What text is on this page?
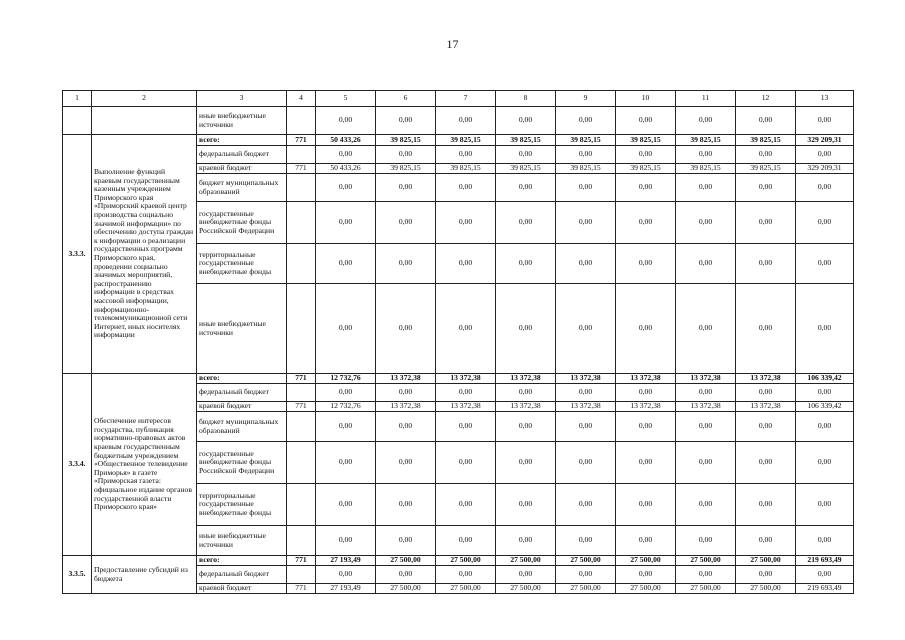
17
1	2	3	4	5	6	7	8	9	10	11	12	13
		иные внебюджетные источники		0,00	0,00	0,00	0,00	0,00	0,00	0,00	0,00	0,00
3.3.3.	Выполнение функций краевым государственным казенным учреждением Приморского края «Приморский краевой центр производства социально значимой информации» по обеспечению доступа граждан к информации о реализации государственных программ Приморского края, проведении социально значимых мероприятий, распространению информации в средствах массовой информации, информационно-телекоммуникационной сети Интернет, иных носителях информации	всего:	771	50 433,26	39 825,15	39 825,15	39 825,15	39 825,15	39 825,15	39 825,15	39 825,15	329 209,31
		федеральный бюджет		0,00	0,00	0,00	0,00	0,00	0,00	0,00	0,00	0,00
		краевой бюджет	771	50 433,26	39 825,15	39 825,15	39 825,15	39 825,15	39 825,15	39 825,15	39 825,15	329 209,31
		бюджет муниципальных образований		0,00	0,00	0,00	0,00	0,00	0,00	0,00	0,00	0,00
		государственные внебюджетные фонды Российской Федерации		0,00	0,00	0,00	0,00	0,00	0,00	0,00	0,00	0,00
		территориальные государственные внебюджетные фонды		0,00	0,00	0,00	0,00	0,00	0,00	0,00	0,00	0,00
		иные внебюджетные источники		0,00	0,00	0,00	0,00	0,00	0,00	0,00	0,00	0,00
3.3.4.	Обеспечение интересов государства, публикация нормативно-правовых актов краевым государственным бюджетным учреждением «Общественное телевидение Приморья» в газете «Приморская газета: официальное издание органов государственной власти Приморского края»	всего:	771	12 732,76	13 372,38	13 372,38	13 372,38	13 372,38	13 372,38	13 372,38	13 372,38	106 339,42
		федеральный бюджет		0,00	0,00	0,00	0,00	0,00	0,00	0,00	0,00	0,00
		краевой бюджет	771	12 732,76	13 372,38	13 372,38	13 372,38	13 372,38	13 372,38	13 372,38	13 372,38	106 339,42
		бюджет муниципальных образований		0,00	0,00	0,00	0,00	0,00	0,00	0,00	0,00	0,00
		государственные внебюджетные фонды Российской Федерации		0,00	0,00	0,00	0,00	0,00	0,00	0,00	0,00	0,00
		территориальные государственные внебюджетные фонды		0,00	0,00	0,00	0,00	0,00	0,00	0,00	0,00	0,00
		иные внебюджетные источники		0,00	0,00	0,00	0,00	0,00	0,00	0,00	0,00	0,00
3.3.5.	Предоставление субсидий из бюджета	всего:	771	27 193,49	27 500,00	27 500,00	27 500,00	27 500,00	27 500,00	27 500,00	27 500,00	219 693,49
		федеральный бюджет		0,00	0,00	0,00	0,00	0,00	0,00	0,00	0,00	0,00
		краевой бюджет	771	27 193,49	27 500,00	27 500,00	27 500,00	27 500,00	27 500,00	27 500,00	27 500,00	219 693,49
